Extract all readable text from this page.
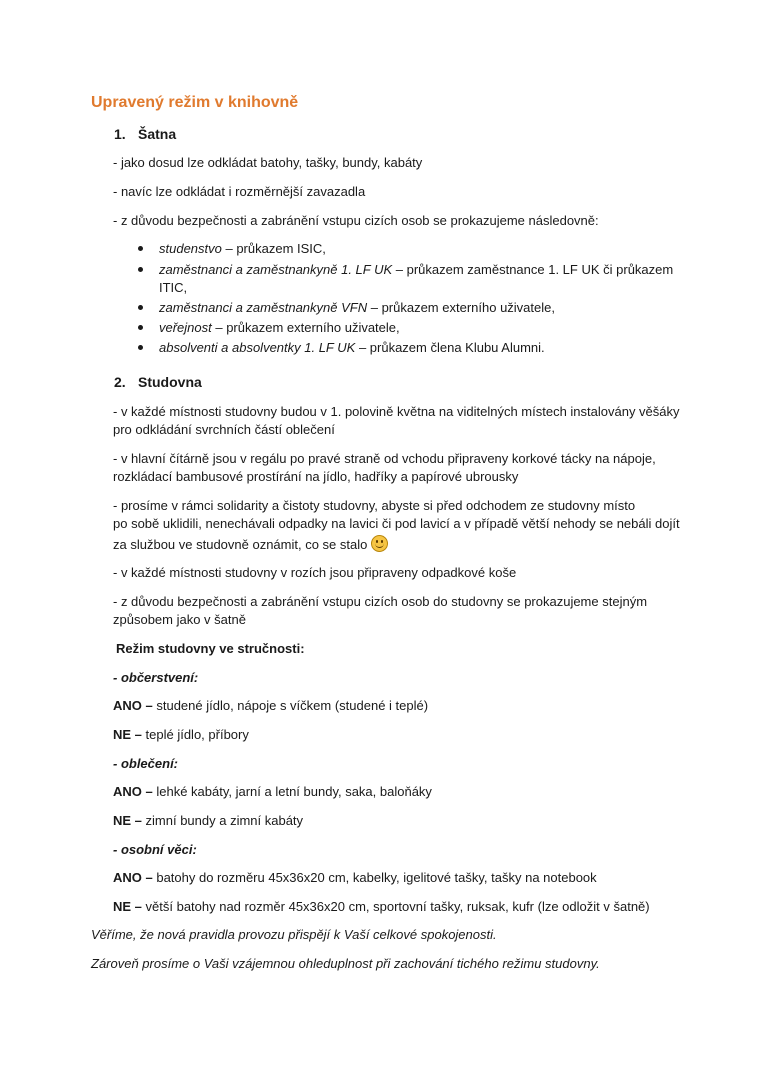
Upravený režim v knihovně
1. Šatna
- jako dosud lze odkládat batohy, tašky, bundy, kabáty
- navíc lze odkládat i rozměrnější zavazadla
- z důvodu bezpečnosti a zabránění vstupu cizích osob se prokazujeme následovně:
studenstvo – průkazem ISIC,
zaměstnanci a zaměstnankyně 1. LF UK – průkazem zaměstnance 1. LF UK či průkazem
ITIC,
zaměstnanci a zaměstnankyně VFN – průkazem externího uživatele,
veřejnost – průkazem externího uživatele,
absolventi a absolventky 1. LF UK – průkazem člena Klubu Alumni.
2. Studovna
- v každé místnosti studovny budou v 1. polovině května na viditelných místech instalovány věšáky
pro odkládání svrchních částí oblečení
- v hlavní čítárně jsou v regálu po pravé straně od vchodu připraveny korkové tácky na nápoje,
rozkládací bambusové prostírání na jídlo, hadříky a papírové ubrousky
- prosíme v rámci solidarity a čistoty studovny, abyste si před odchodem ze studovny místo
po sobě uklidili, nenechávali odpadky na lavici či pod lavicí a v případě větší nehody se nebáli dojít
za službou ve studovně oznámit, co se stalo
- v každé místnosti studovny v rozích jsou připraveny odpadkové koše
- z důvodu bezpečnosti a zabránění vstupu cizích osob do studovny se prokazujeme stejným
způsobem jako v šatně
Režim studovny ve stručnosti:
- občerstvení:
ANO – studené jídlo, nápoje s víčkem (studené i teplé)
NE – teplé jídlo, příbory
- oblečení:
ANO – lehké kabáty, jarní a letní bundy, saka, baloňáky
NE – zimní bundy a zimní kabáty
- osobní věci:
ANO – batohy do rozměru 45x36x20 cm, kabelky, igelitové tašky, tašky na notebook
NE – větší batohy nad rozměr 45x36x20 cm, sportovní tašky, ruksak, kufr (lze odložit v šatně)
Věříme, že nová pravidla provozu přispějí k Vaší celkové spokojenosti.
Zároveň prosíme o Vaši vzájemnou ohleduplnost při zachování tichého režimu studovny.
